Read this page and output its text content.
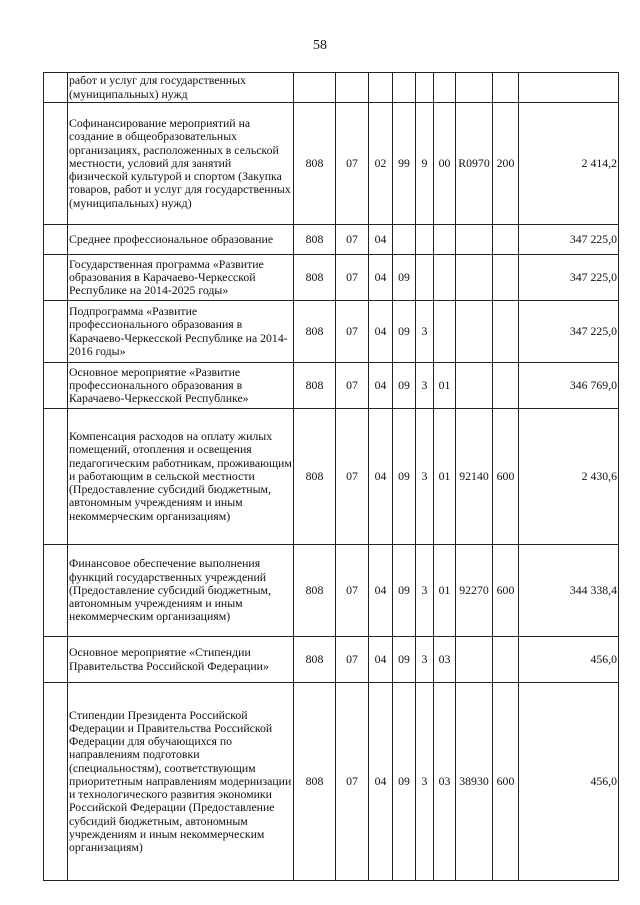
58
	работ и услуг для государственных (муниципальных) нужд									
	Софинансирование мероприятий на создание в общеобразовательных организациях, расположенных в сельской местности, условий для занятий физической культурой и спортом (Закупка товаров, работ и услуг для государственных (муниципальных) нужд)	808	07	02	99	9	00	R0970	200	2 414,2
	Среднее профессиональное образование	808	07	04						347 225,0
	Государственная программа «Развитие образования в Карачаево-Черкесской Республике на 2014-2025 годы»	808	07	04	09					347 225,0
	Подпрограмма «Развитие профессионального образования в Карачаево-Черкесской Республике на 2014-2016 годы»	808	07	04	09	3				347 225,0
	Основное мероприятие «Развитие профессионального образования в Карачаево-Черкесской Республике»	808	07	04	09	3	01			346 769,0
	Компенсация расходов на оплату жилых помещений, отопления и освещения педагогическим работникам, проживающим и работающим в сельской местности (Предоставление субсидий бюджетным, автономным учреждениям и иным некоммерческим организациям)	808	07	04	09	3	01	92140	600	2 430,6
	Финансовое обеспечение выполнения функций государственных учреждений (Предоставление субсидий бюджетным, автономным учреждениям и иным некоммерческим организациям)	808	07	04	09	3	01	92270	600	344 338,4
	Основное мероприятие «Стипендии Правительства Российской Федерации»	808	07	04	09	3	03			456,0
	Стипендии Президента Российской Федерации и Правительства Российской Федерации для обучающихся по направлениям подготовки (специальностям), соответствующим приоритетным направлениям модернизации и технологического развития экономики Российской Федерации (Предоставление субсидий бюджетным, автономным учреждениям и иным некоммерческим организациям)	808	07	04	09	3	03	38930	600	456,0
